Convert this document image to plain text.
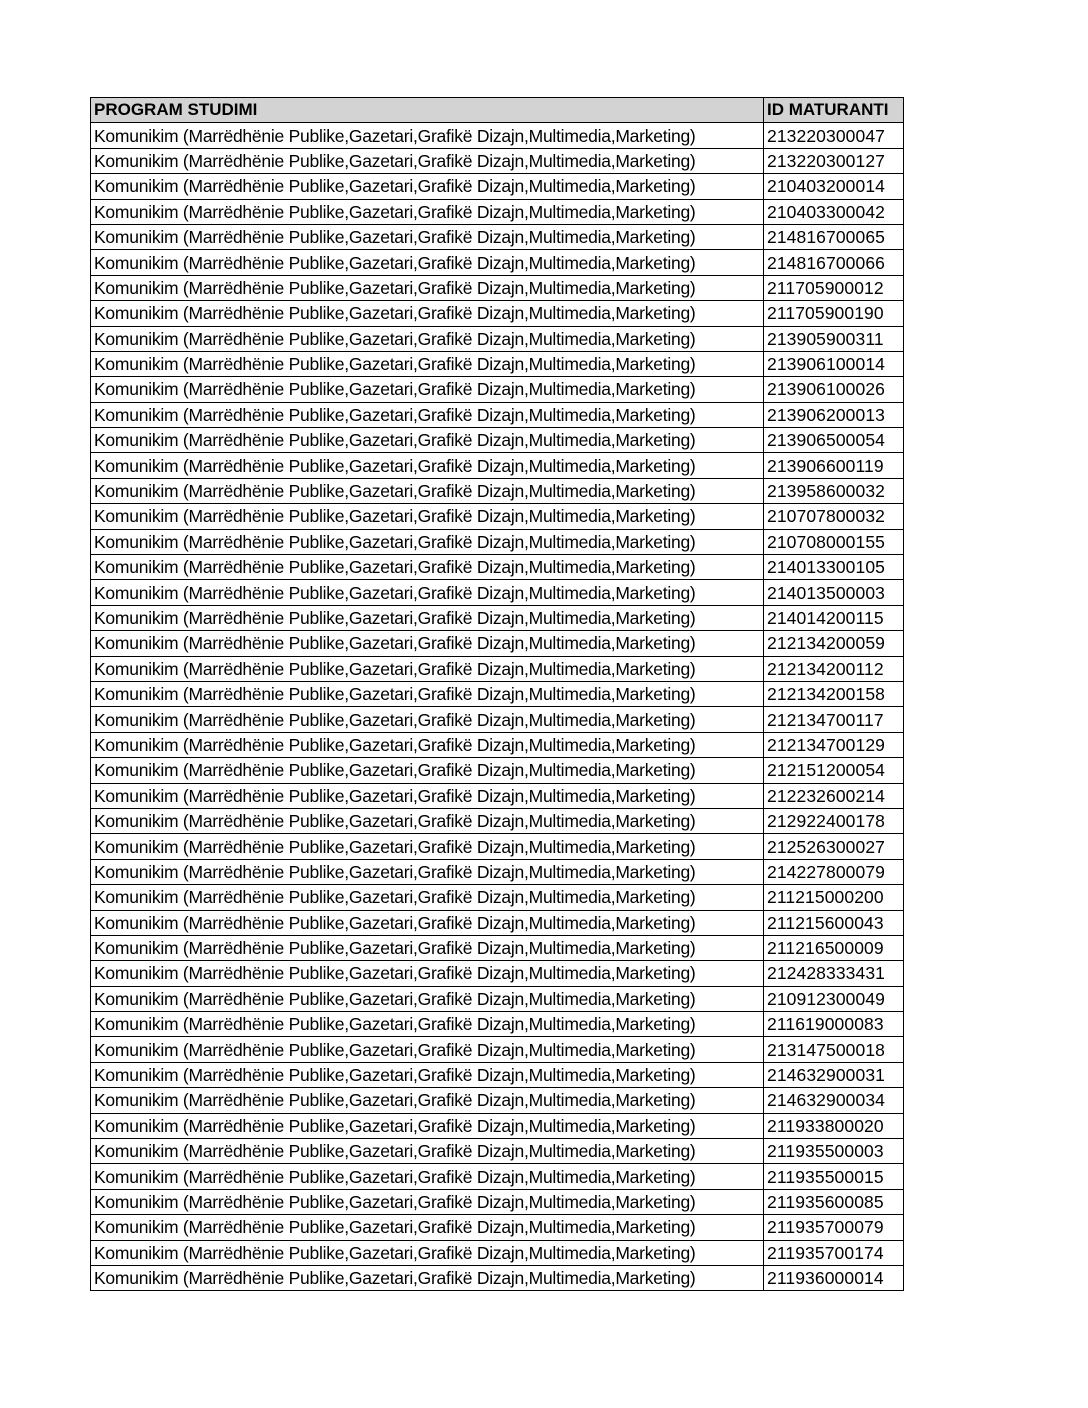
PROGRAM STUDIMI	ID MATURANTI
Komunikim (Marrëdhënie Publike,Gazetari,Grafikë Dizajn,Multimedia,Marketing)	213220300047
Komunikim (Marrëdhënie Publike,Gazetari,Grafikë Dizajn,Multimedia,Marketing)	213220300127
Komunikim (Marrëdhënie Publike,Gazetari,Grafikë Dizajn,Multimedia,Marketing)	210403200014
Komunikim (Marrëdhënie Publike,Gazetari,Grafikë Dizajn,Multimedia,Marketing)	210403300042
Komunikim (Marrëdhënie Publike,Gazetari,Grafikë Dizajn,Multimedia,Marketing)	214816700065
Komunikim (Marrëdhënie Publike,Gazetari,Grafikë Dizajn,Multimedia,Marketing)	214816700066
Komunikim (Marrëdhënie Publike,Gazetari,Grafikë Dizajn,Multimedia,Marketing)	211705900012
Komunikim (Marrëdhënie Publike,Gazetari,Grafikë Dizajn,Multimedia,Marketing)	211705900190
Komunikim (Marrëdhënie Publike,Gazetari,Grafikë Dizajn,Multimedia,Marketing)	213905900311
Komunikim (Marrëdhënie Publike,Gazetari,Grafikë Dizajn,Multimedia,Marketing)	213906100014
Komunikim (Marrëdhënie Publike,Gazetari,Grafikë Dizajn,Multimedia,Marketing)	213906100026
Komunikim (Marrëdhënie Publike,Gazetari,Grafikë Dizajn,Multimedia,Marketing)	213906200013
Komunikim (Marrëdhënie Publike,Gazetari,Grafikë Dizajn,Multimedia,Marketing)	213906500054
Komunikim (Marrëdhënie Publike,Gazetari,Grafikë Dizajn,Multimedia,Marketing)	213906600119
Komunikim (Marrëdhënie Publike,Gazetari,Grafikë Dizajn,Multimedia,Marketing)	213958600032
Komunikim (Marrëdhënie Publike,Gazetari,Grafikë Dizajn,Multimedia,Marketing)	210707800032
Komunikim (Marrëdhënie Publike,Gazetari,Grafikë Dizajn,Multimedia,Marketing)	210708000155
Komunikim (Marrëdhënie Publike,Gazetari,Grafikë Dizajn,Multimedia,Marketing)	214013300105
Komunikim (Marrëdhënie Publike,Gazetari,Grafikë Dizajn,Multimedia,Marketing)	214013500003
Komunikim (Marrëdhënie Publike,Gazetari,Grafikë Dizajn,Multimedia,Marketing)	214014200115
Komunikim (Marrëdhënie Publike,Gazetari,Grafikë Dizajn,Multimedia,Marketing)	212134200059
Komunikim (Marrëdhënie Publike,Gazetari,Grafikë Dizajn,Multimedia,Marketing)	212134200112
Komunikim (Marrëdhënie Publike,Gazetari,Grafikë Dizajn,Multimedia,Marketing)	212134200158
Komunikim (Marrëdhënie Publike,Gazetari,Grafikë Dizajn,Multimedia,Marketing)	212134700117
Komunikim (Marrëdhënie Publike,Gazetari,Grafikë Dizajn,Multimedia,Marketing)	212134700129
Komunikim (Marrëdhënie Publike,Gazetari,Grafikë Dizajn,Multimedia,Marketing)	212151200054
Komunikim (Marrëdhënie Publike,Gazetari,Grafikë Dizajn,Multimedia,Marketing)	212232600214
Komunikim (Marrëdhënie Publike,Gazetari,Grafikë Dizajn,Multimedia,Marketing)	212922400178
Komunikim (Marrëdhënie Publike,Gazetari,Grafikë Dizajn,Multimedia,Marketing)	212526300027
Komunikim (Marrëdhënie Publike,Gazetari,Grafikë Dizajn,Multimedia,Marketing)	214227800079
Komunikim (Marrëdhënie Publike,Gazetari,Grafikë Dizajn,Multimedia,Marketing)	211215000200
Komunikim (Marrëdhënie Publike,Gazetari,Grafikë Dizajn,Multimedia,Marketing)	211215600043
Komunikim (Marrëdhënie Publike,Gazetari,Grafikë Dizajn,Multimedia,Marketing)	211216500009
Komunikim (Marrëdhënie Publike,Gazetari,Grafikë Dizajn,Multimedia,Marketing)	212428333431
Komunikim (Marrëdhënie Publike,Gazetari,Grafikë Dizajn,Multimedia,Marketing)	210912300049
Komunikim (Marrëdhënie Publike,Gazetari,Grafikë Dizajn,Multimedia,Marketing)	211619000083
Komunikim (Marrëdhënie Publike,Gazetari,Grafikë Dizajn,Multimedia,Marketing)	213147500018
Komunikim (Marrëdhënie Publike,Gazetari,Grafikë Dizajn,Multimedia,Marketing)	214632900031
Komunikim (Marrëdhënie Publike,Gazetari,Grafikë Dizajn,Multimedia,Marketing)	214632900034
Komunikim (Marrëdhënie Publike,Gazetari,Grafikë Dizajn,Multimedia,Marketing)	211933800020
Komunikim (Marrëdhënie Publike,Gazetari,Grafikë Dizajn,Multimedia,Marketing)	211935500003
Komunikim (Marrëdhënie Publike,Gazetari,Grafikë Dizajn,Multimedia,Marketing)	211935500015
Komunikim (Marrëdhënie Publike,Gazetari,Grafikë Dizajn,Multimedia,Marketing)	211935600085
Komunikim (Marrëdhënie Publike,Gazetari,Grafikë Dizajn,Multimedia,Marketing)	211935700079
Komunikim (Marrëdhënie Publike,Gazetari,Grafikë Dizajn,Multimedia,Marketing)	211935700174
Komunikim (Marrëdhënie Publike,Gazetari,Grafikë Dizajn,Multimedia,Marketing)	211936000014
